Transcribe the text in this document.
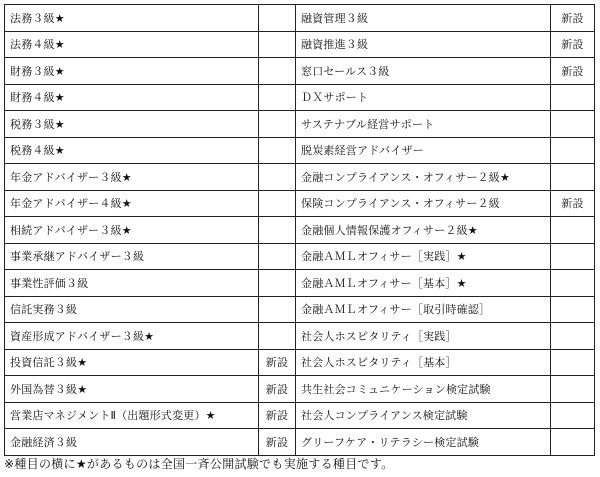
法務３級★		融資管理３級	新設
法務４級★		融資推進３級	新設
財務３級★		窓口セールス３級	新設
財務４級★		ＤＸサポート	
税務３級★		サステナブル経営サポート	
税務４級★		脱炭素経営アドバイザー	
年金アドバイザー３級★		金融コンプライアンス・オフィサー２級★	
年金アドバイザー４級★		保険コンプライアンス・オフィサー２級	新設
相続アドバイザー３級★		金融個人情報保護オフィサー２級★	
事業承継アドバイザー３級		金融ＡＭＬオフィサー［実践］★	
事業性評価３級		金融ＡＭＬオフィサー［基本］★	
信託実務３級		金融ＡＭＬオフィサー［取引時確認］	
資産形成アドバイザー３級★		社会人ホスピタリティ［実践］	
投資信託３級★	新設	社会人ホスピタリティ［基本］	
外国為替３級★	新設	共生社会コミュニケーション検定試験	
営業店マネジメントⅡ（出題形式変更）★	新設	社会人コンプライアンス検定試験	
金融経済３級	新設	グリーフケア・リテラシー検定試験	
※種目の横に★があるものは全国一斉公開試験でも実施する種目です。
